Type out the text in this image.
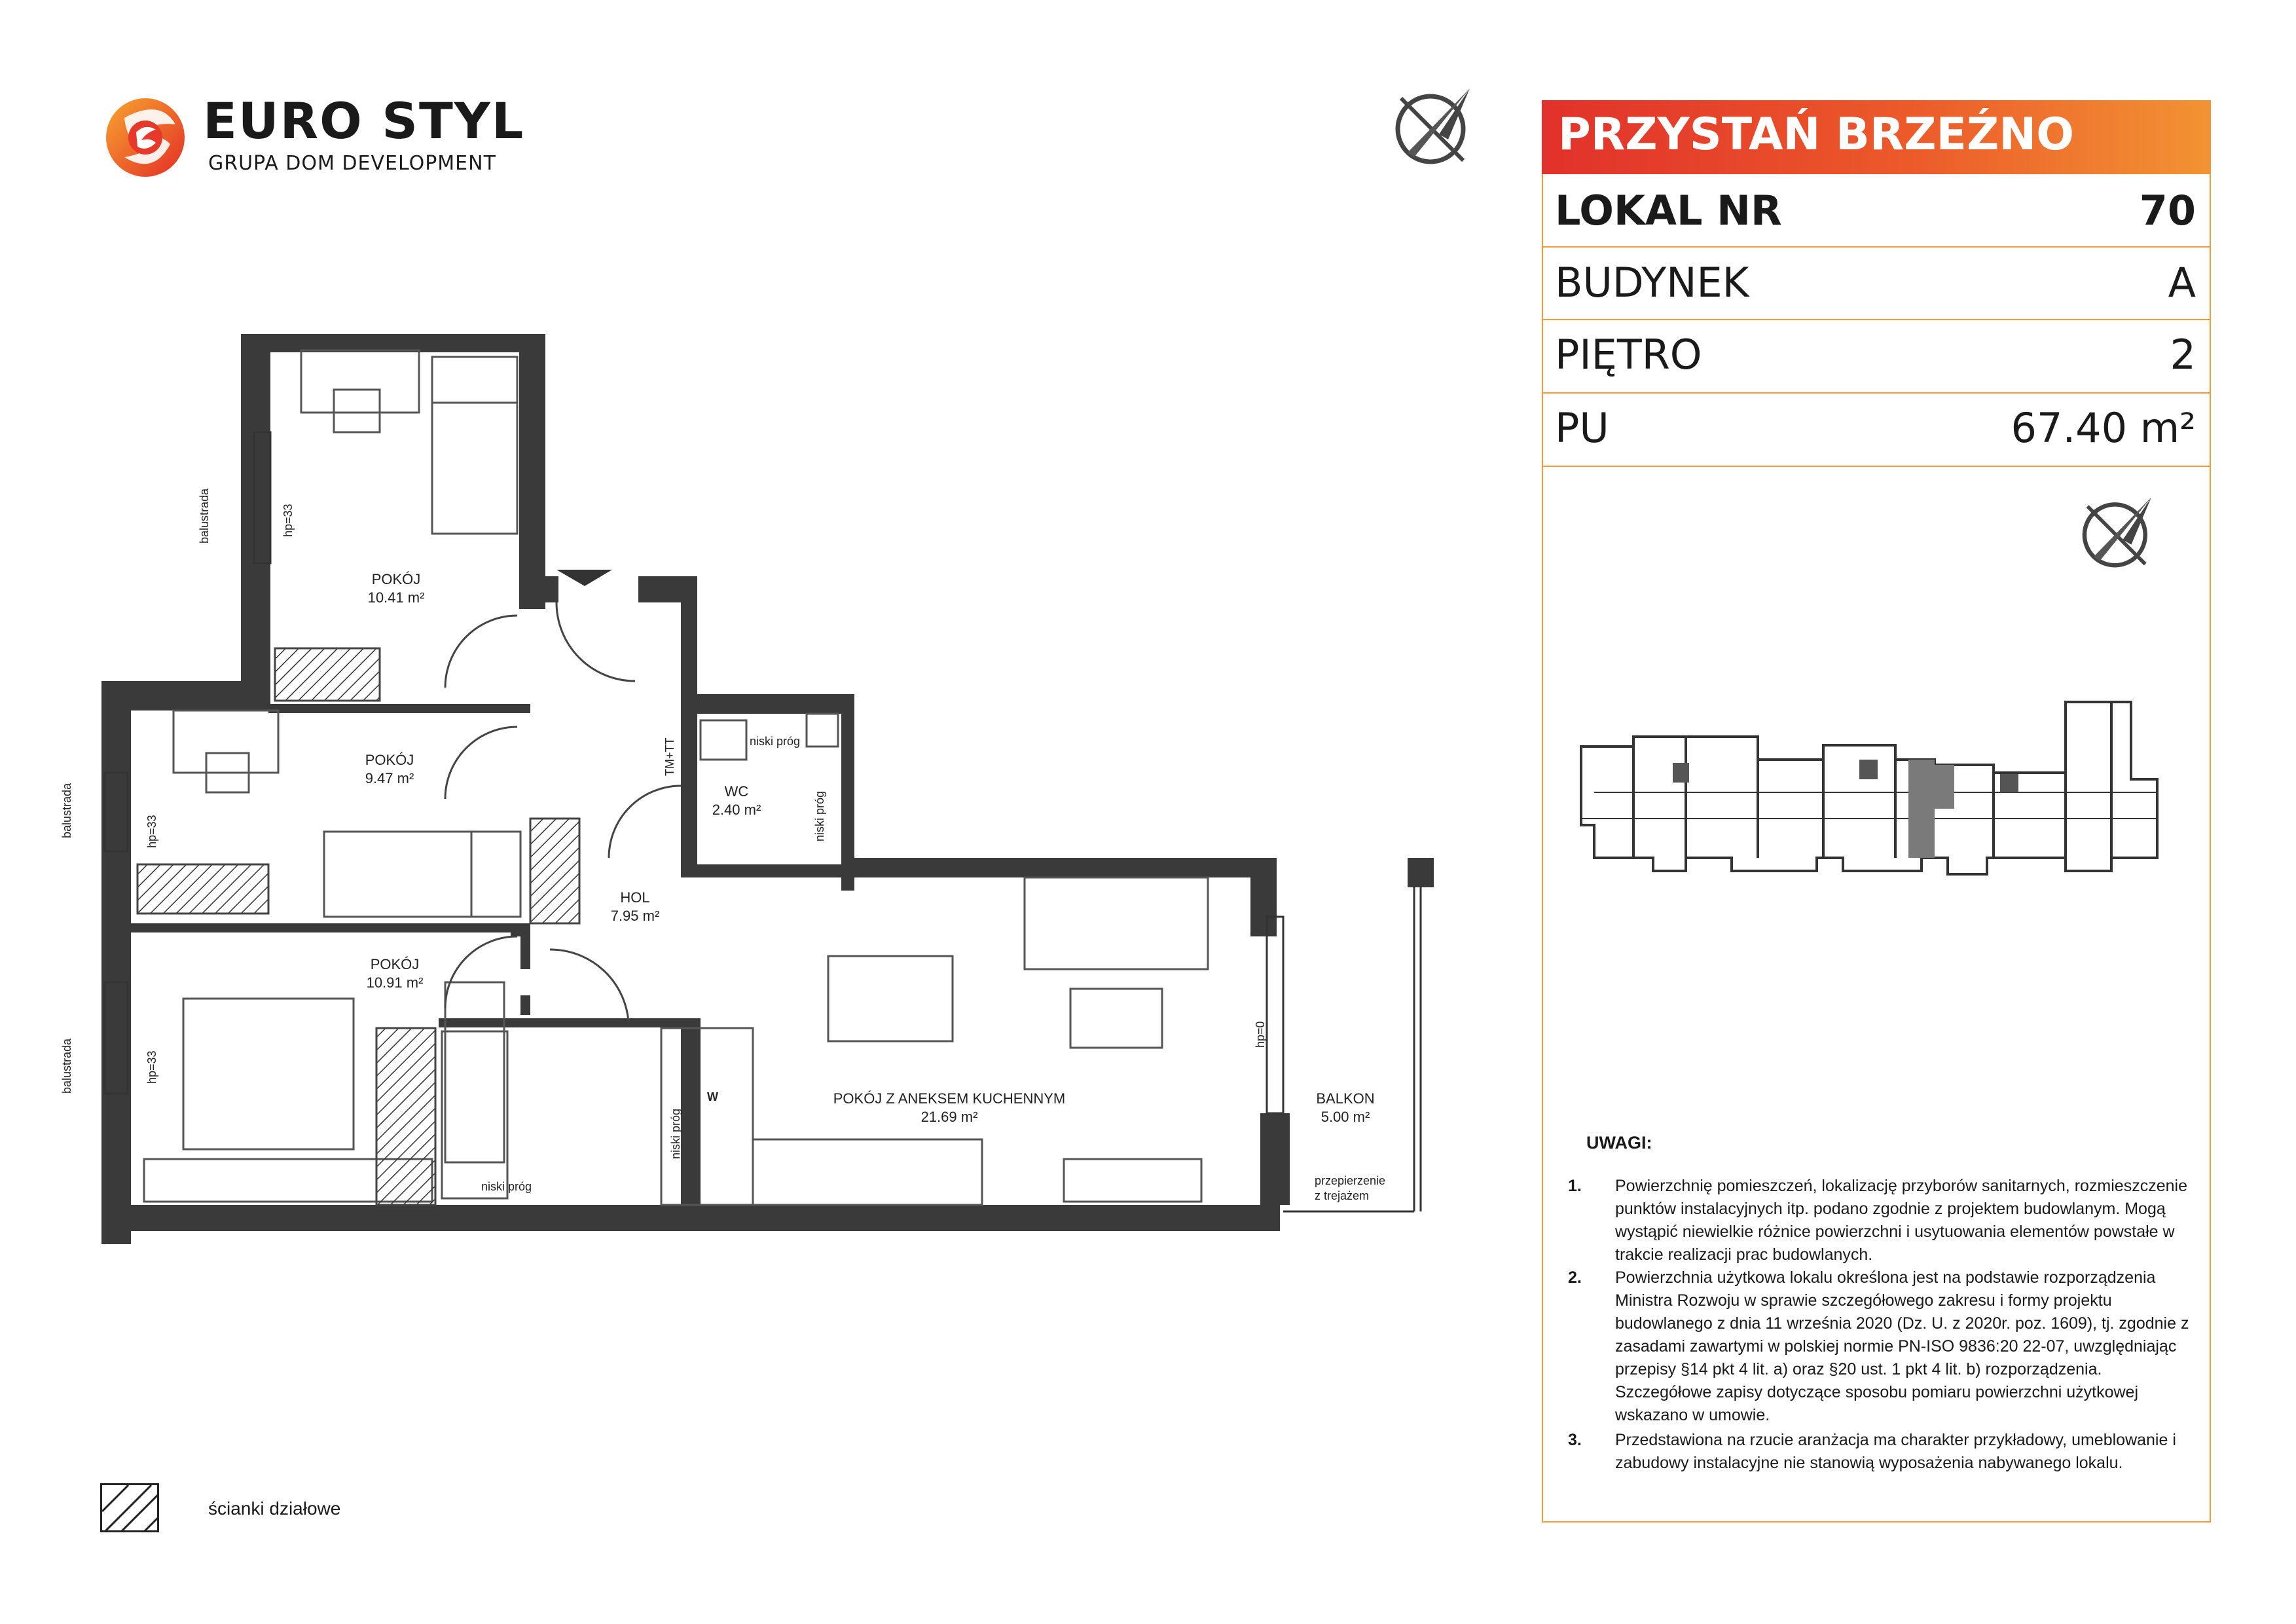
EURO STYL
GRUPA DOM DEVELOPMENT
PRZYSTAŃ BRZEŹNO
LOKAL NR	70
BUDYNEK	A
PIĘTRO	2
PU	67.40 m²
UWAGI:
1. Powierzchnię pomieszczeń, lokalizację przyborów sanitarnych, rozmieszczenie punktów instalacyjnych itp. podano zgodnie z projektem budowlanym. Mogą wystąpić niewielkie różnice powierzchni i usytuowania elementów powstałe w trakcie realizacji prac budowlanych.
2. Powierzchnia użytkowa lokalu określona jest na podstawie rozporządzenia Ministra Rozwoju w sprawie szczegółowego zakresu i formy projektu budowlanego z dnia 11 września 2020 (Dz. U. z 2020r. poz. 1609), tj. zgodnie z zasadami zawartymi w polskiej normie PN-ISO 9836:20 22-07, uwzględniając przepisy §14 pkt 4 lit. a) oraz §20 ust. 1 pkt 4 lit. b) rozporządzenia. Szczegółowe zapisy dotyczące sposobu pomiaru powierzchni użytkowej wskazano w umowie.
3. Przedstawiona na rzucie aranżacja ma charakter przykładowy, umeblowanie i zabudowy instalacyjne nie stanowią wyposażenia nabywanego lokalu.
POKÓJ
10.41 m²
POKÓJ
9.47 m²
POKÓJ
10.91 m²
HOL
7.95 m²
WC
2.40 m²
POKÓJ Z ANEKSEM KUCHENNYM
21.69 m²
BALKON
5.00 m²
balustrada
balustrada
balustrada
hp=33
hp=33
hp=33
hp=0
niski próg
niski próg
niski próg
niski próg
TM+TT
W
przepierzenie
z trejażem
ścianki działowe
